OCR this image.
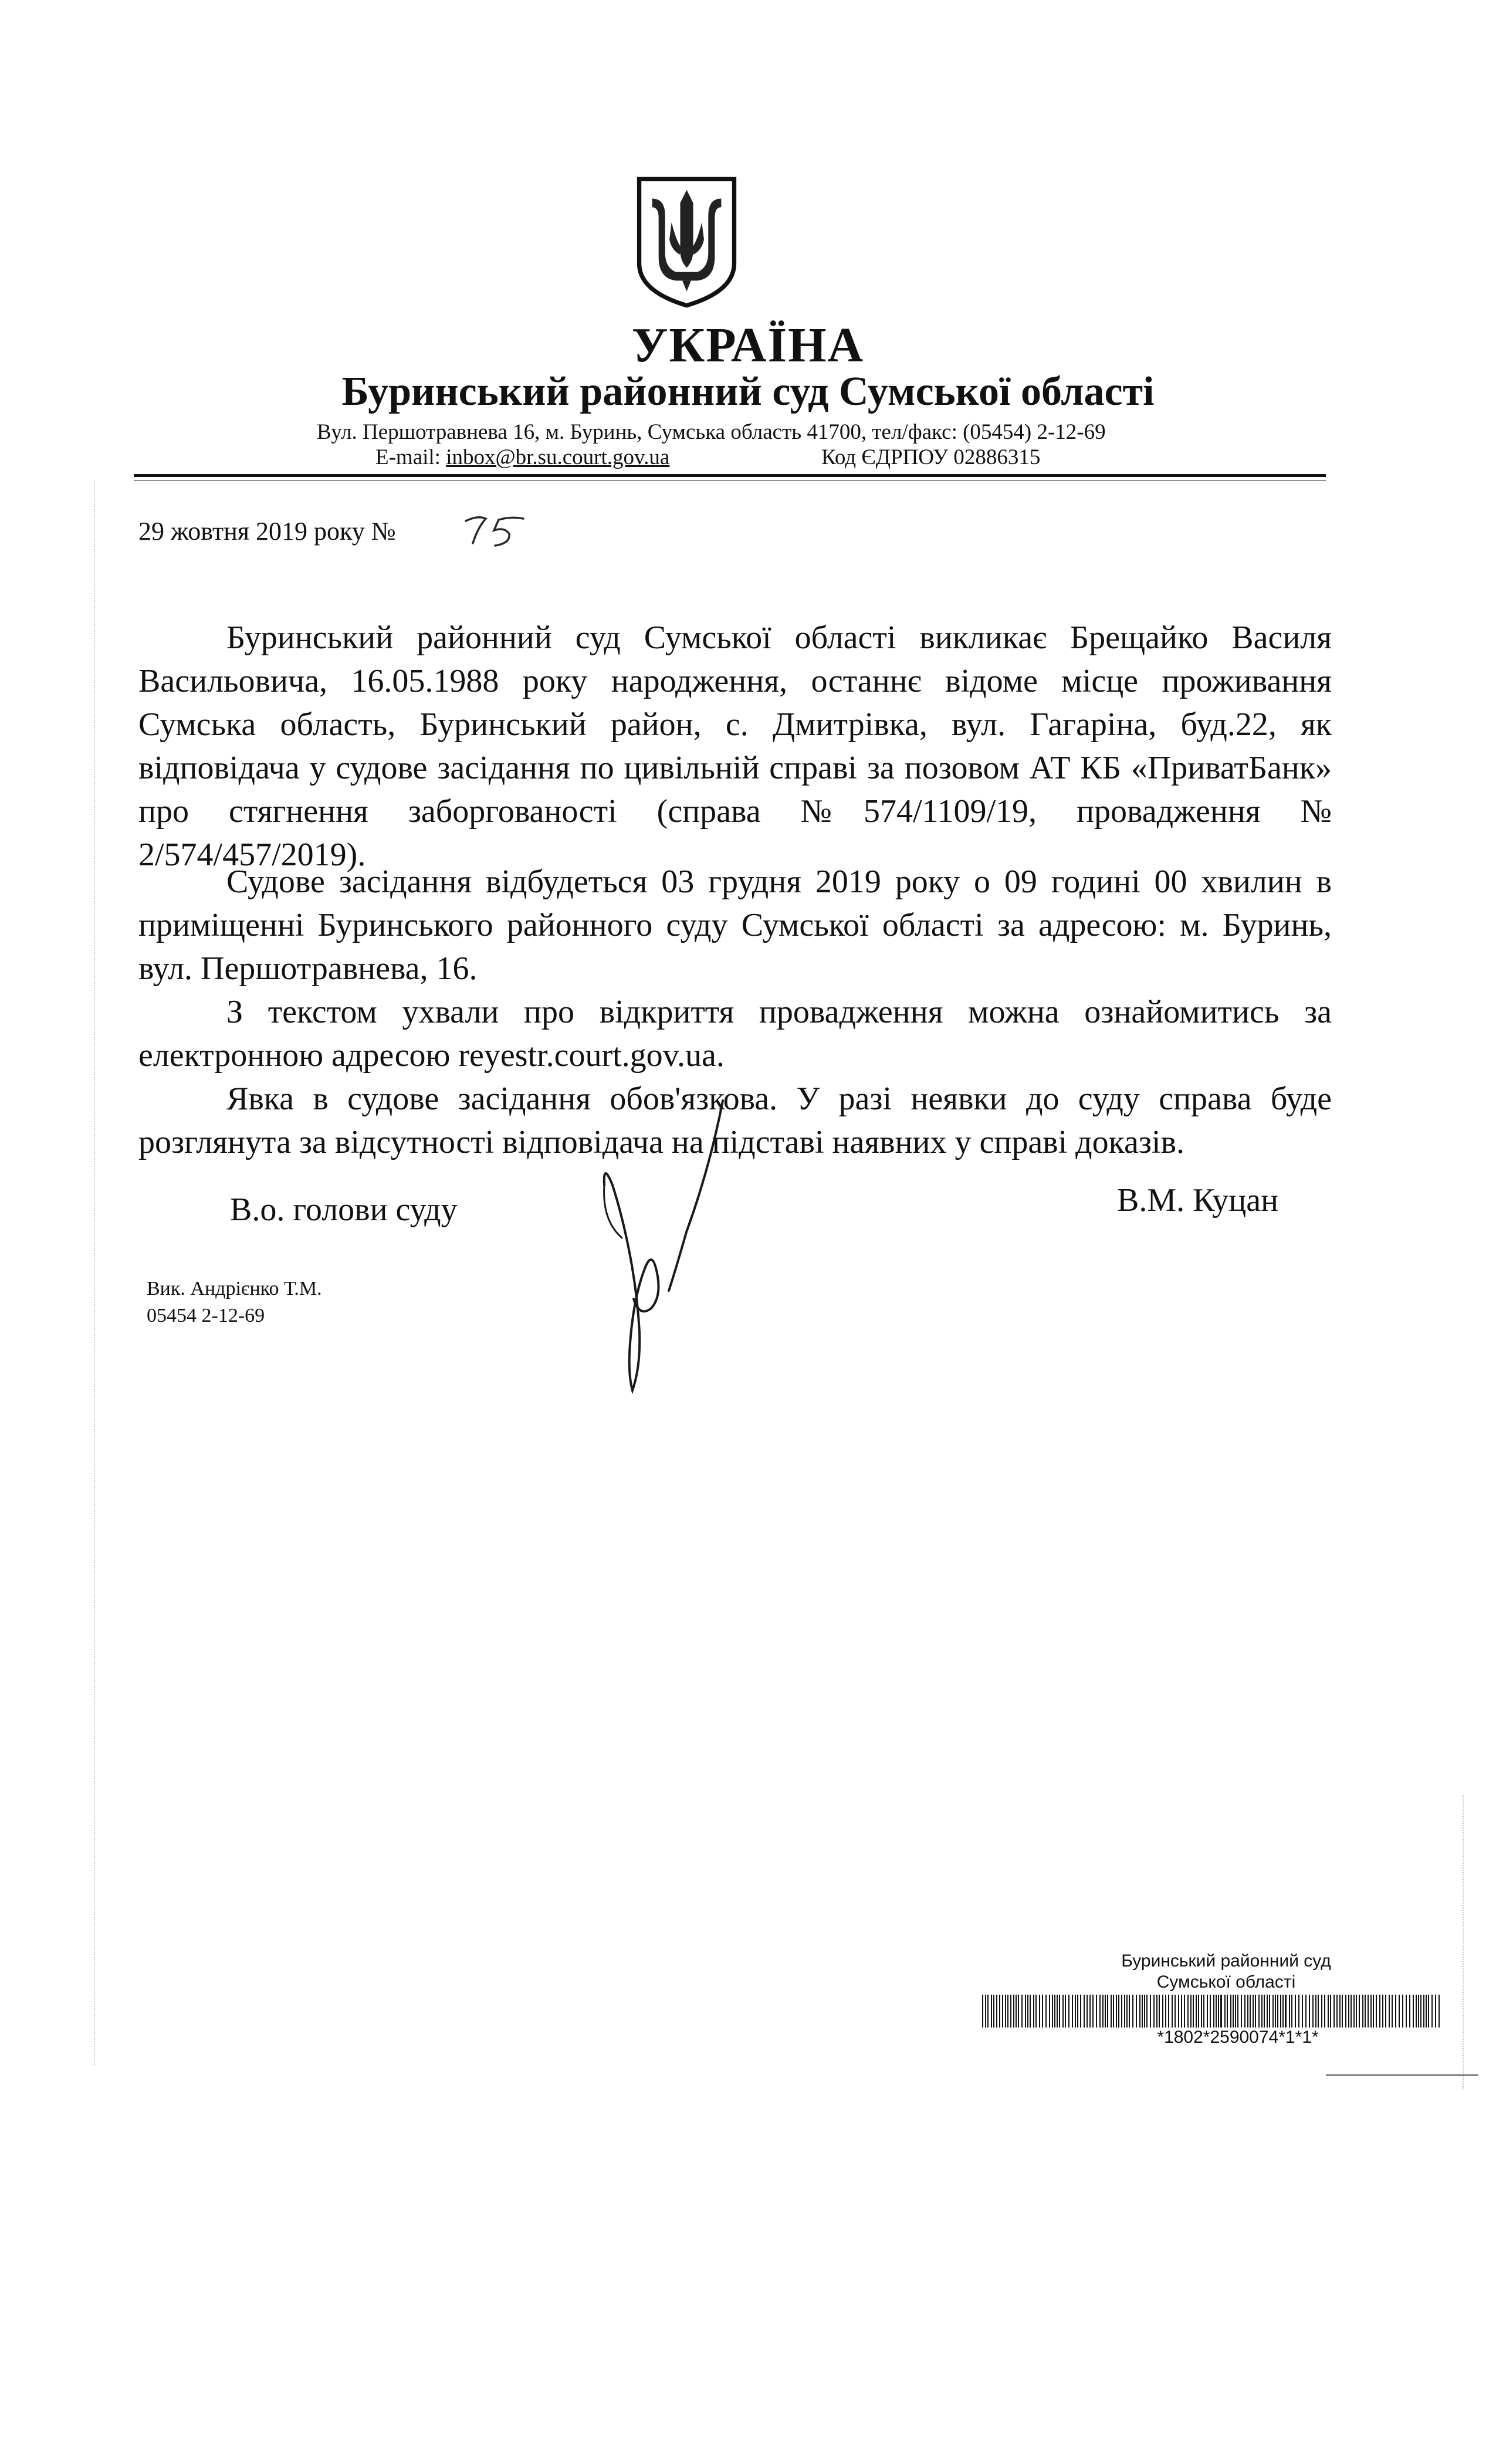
УКРАЇНА
Буринський районний суд Сумської області
Вул. Першотравнева 16, м. Буринь, Сумська область 41700, тел/факс: (05454) 2-12-69
E-mail: inbox@br.su.court.gov.ua	Код ЄДРПОУ 02886315
29 жовтня 2019 року №
Буринський районний суд Сумської області викликає Брещайко Василя Васильовича, 16.05.1988 року народження, останнє відоме місце проживання Сумська область, Буринський район, с. Дмитрівка, вул. Гагаріна, буд.22, як відповідача у судове засідання по цивільній справі за позовом АТ КБ «ПриватБанк» про стягнення заборгованості (справа №574/1109/19, провадження № 2/574/457/2019).
Судове засідання відбудеться 03 грудня 2019 року о 09 годині 00 хвилин в приміщенні Буринського районного суду Сумської області за адресою: м. Буринь, вул. Першотравнева, 16.
З текстом ухвали про відкриття провадження можна ознайомитись за електронною адресою reyestr.court.gov.ua.
Явка в судове засідання обов'язкова. У разі неявки до суду справа буде розглянута за відсутності відповідача на підставі наявних у справі доказів.
В.о. голови суду	В.М. Куцан
Вик. Андрієнко Т.М.
05454 2-12-69
Буринський районний суд
Сумської області
*1802*2590074*1*1*
